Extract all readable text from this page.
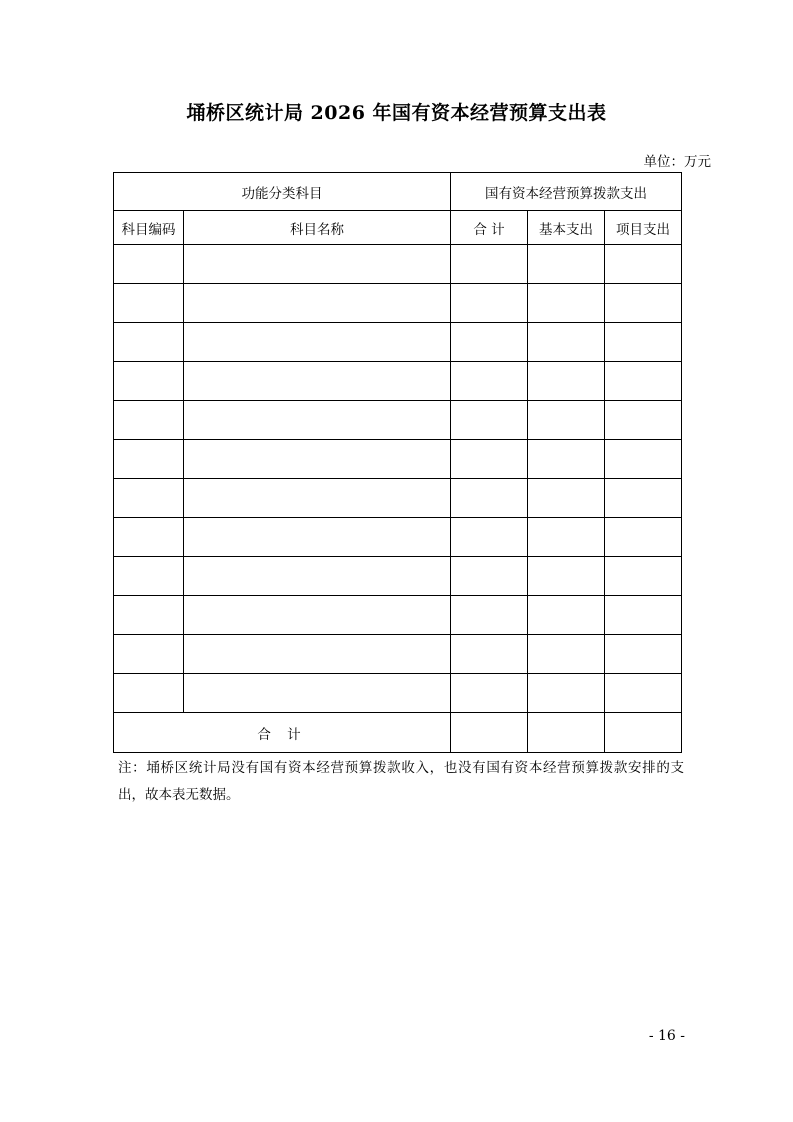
埇桥区统计局 2026 年国有资本经营预算支出表
单位：万元
功能分类科目		国有资本经营预算拨款支出		
科目编码	科目名称	合 计	基本支出	项目支出

合 计				
注：埇桥区统计局没有国有资本经营预算拨款收入，也没有国有资本经营预算拨款安排的支出，故本表无数据。
- 16 -
